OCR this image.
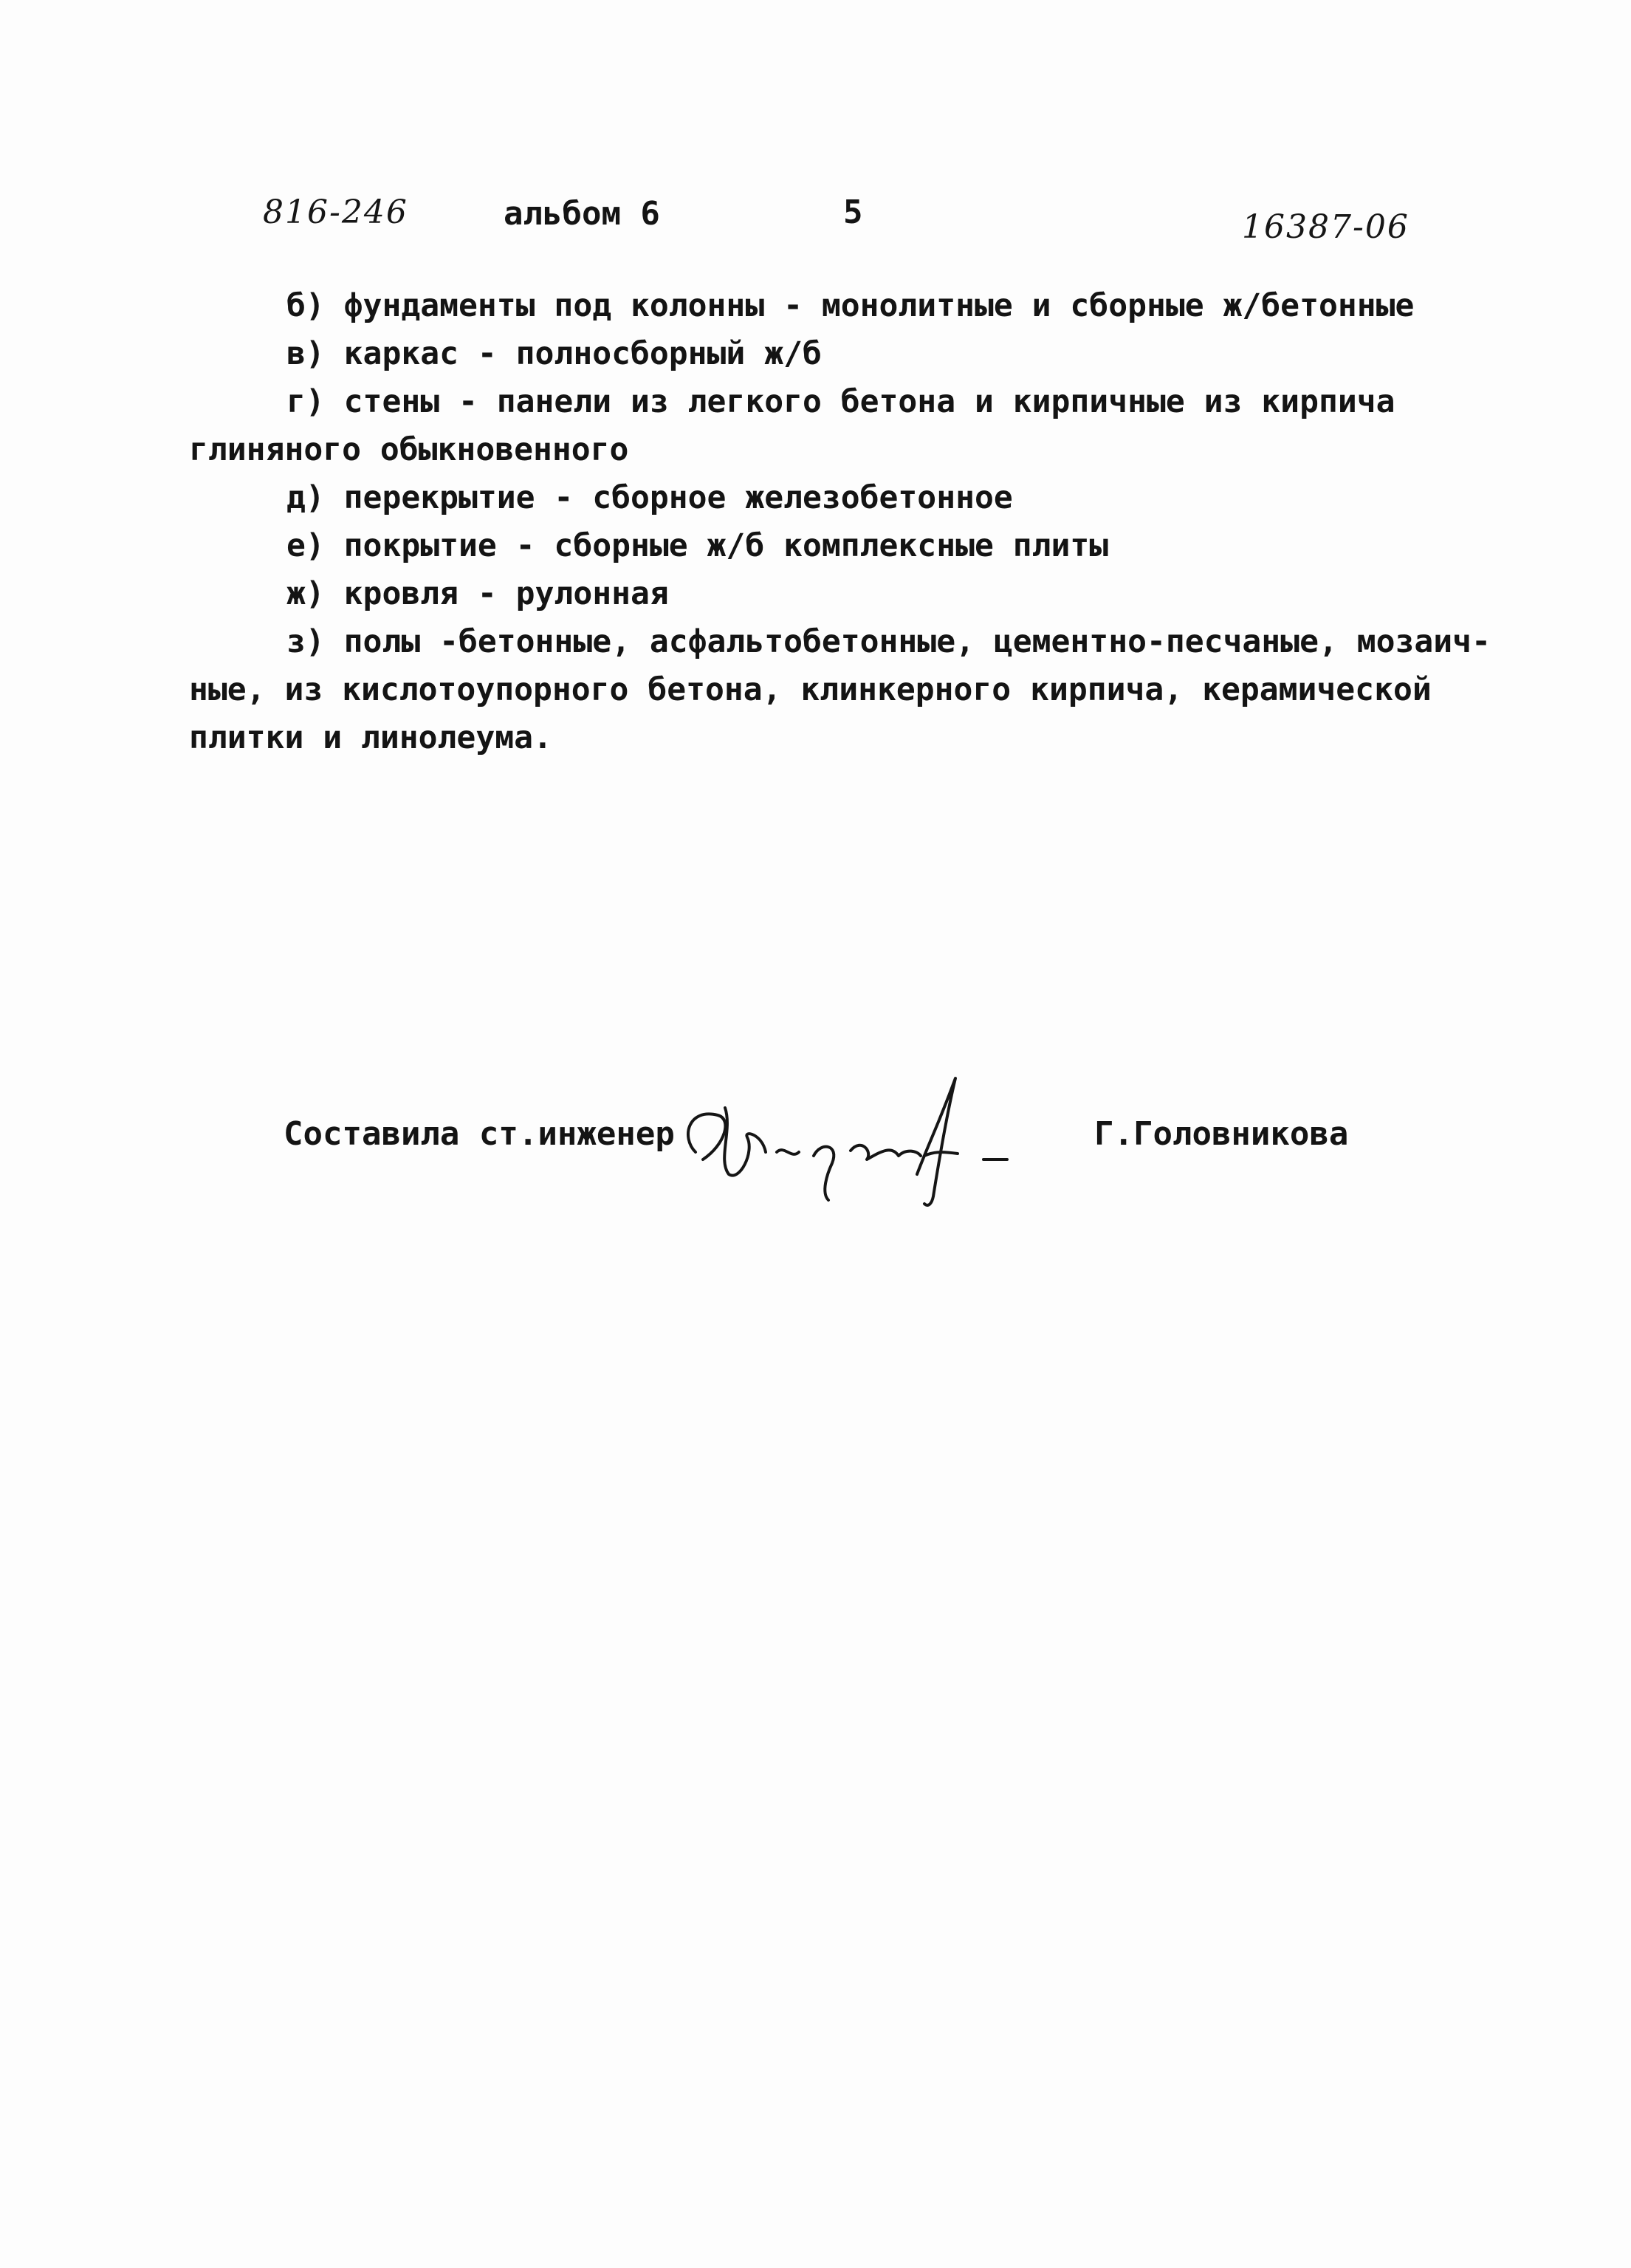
816-246	альбом 6	5	16387-06
б) фундаменты под колонны - монолитные и сборные ж/бетонные
в) каркас - полносборный ж/б
г) стены - панели из легкого бетона и кирпичные из кирпича
глиняного обыкновенного
д) перекрытие - сборное железобетонное
е) покрытие - сборные ж/б комплексные плиты
ж) кровля - рулонная
з) полы -бетонные, асфальтобетонные, цементно-песчаные, мозаич-
ные, из кислотоупорного бетона, клинкерного кирпича, керамической
плитки и линолеума.
Составила ст.инженер	Г.Головникова
